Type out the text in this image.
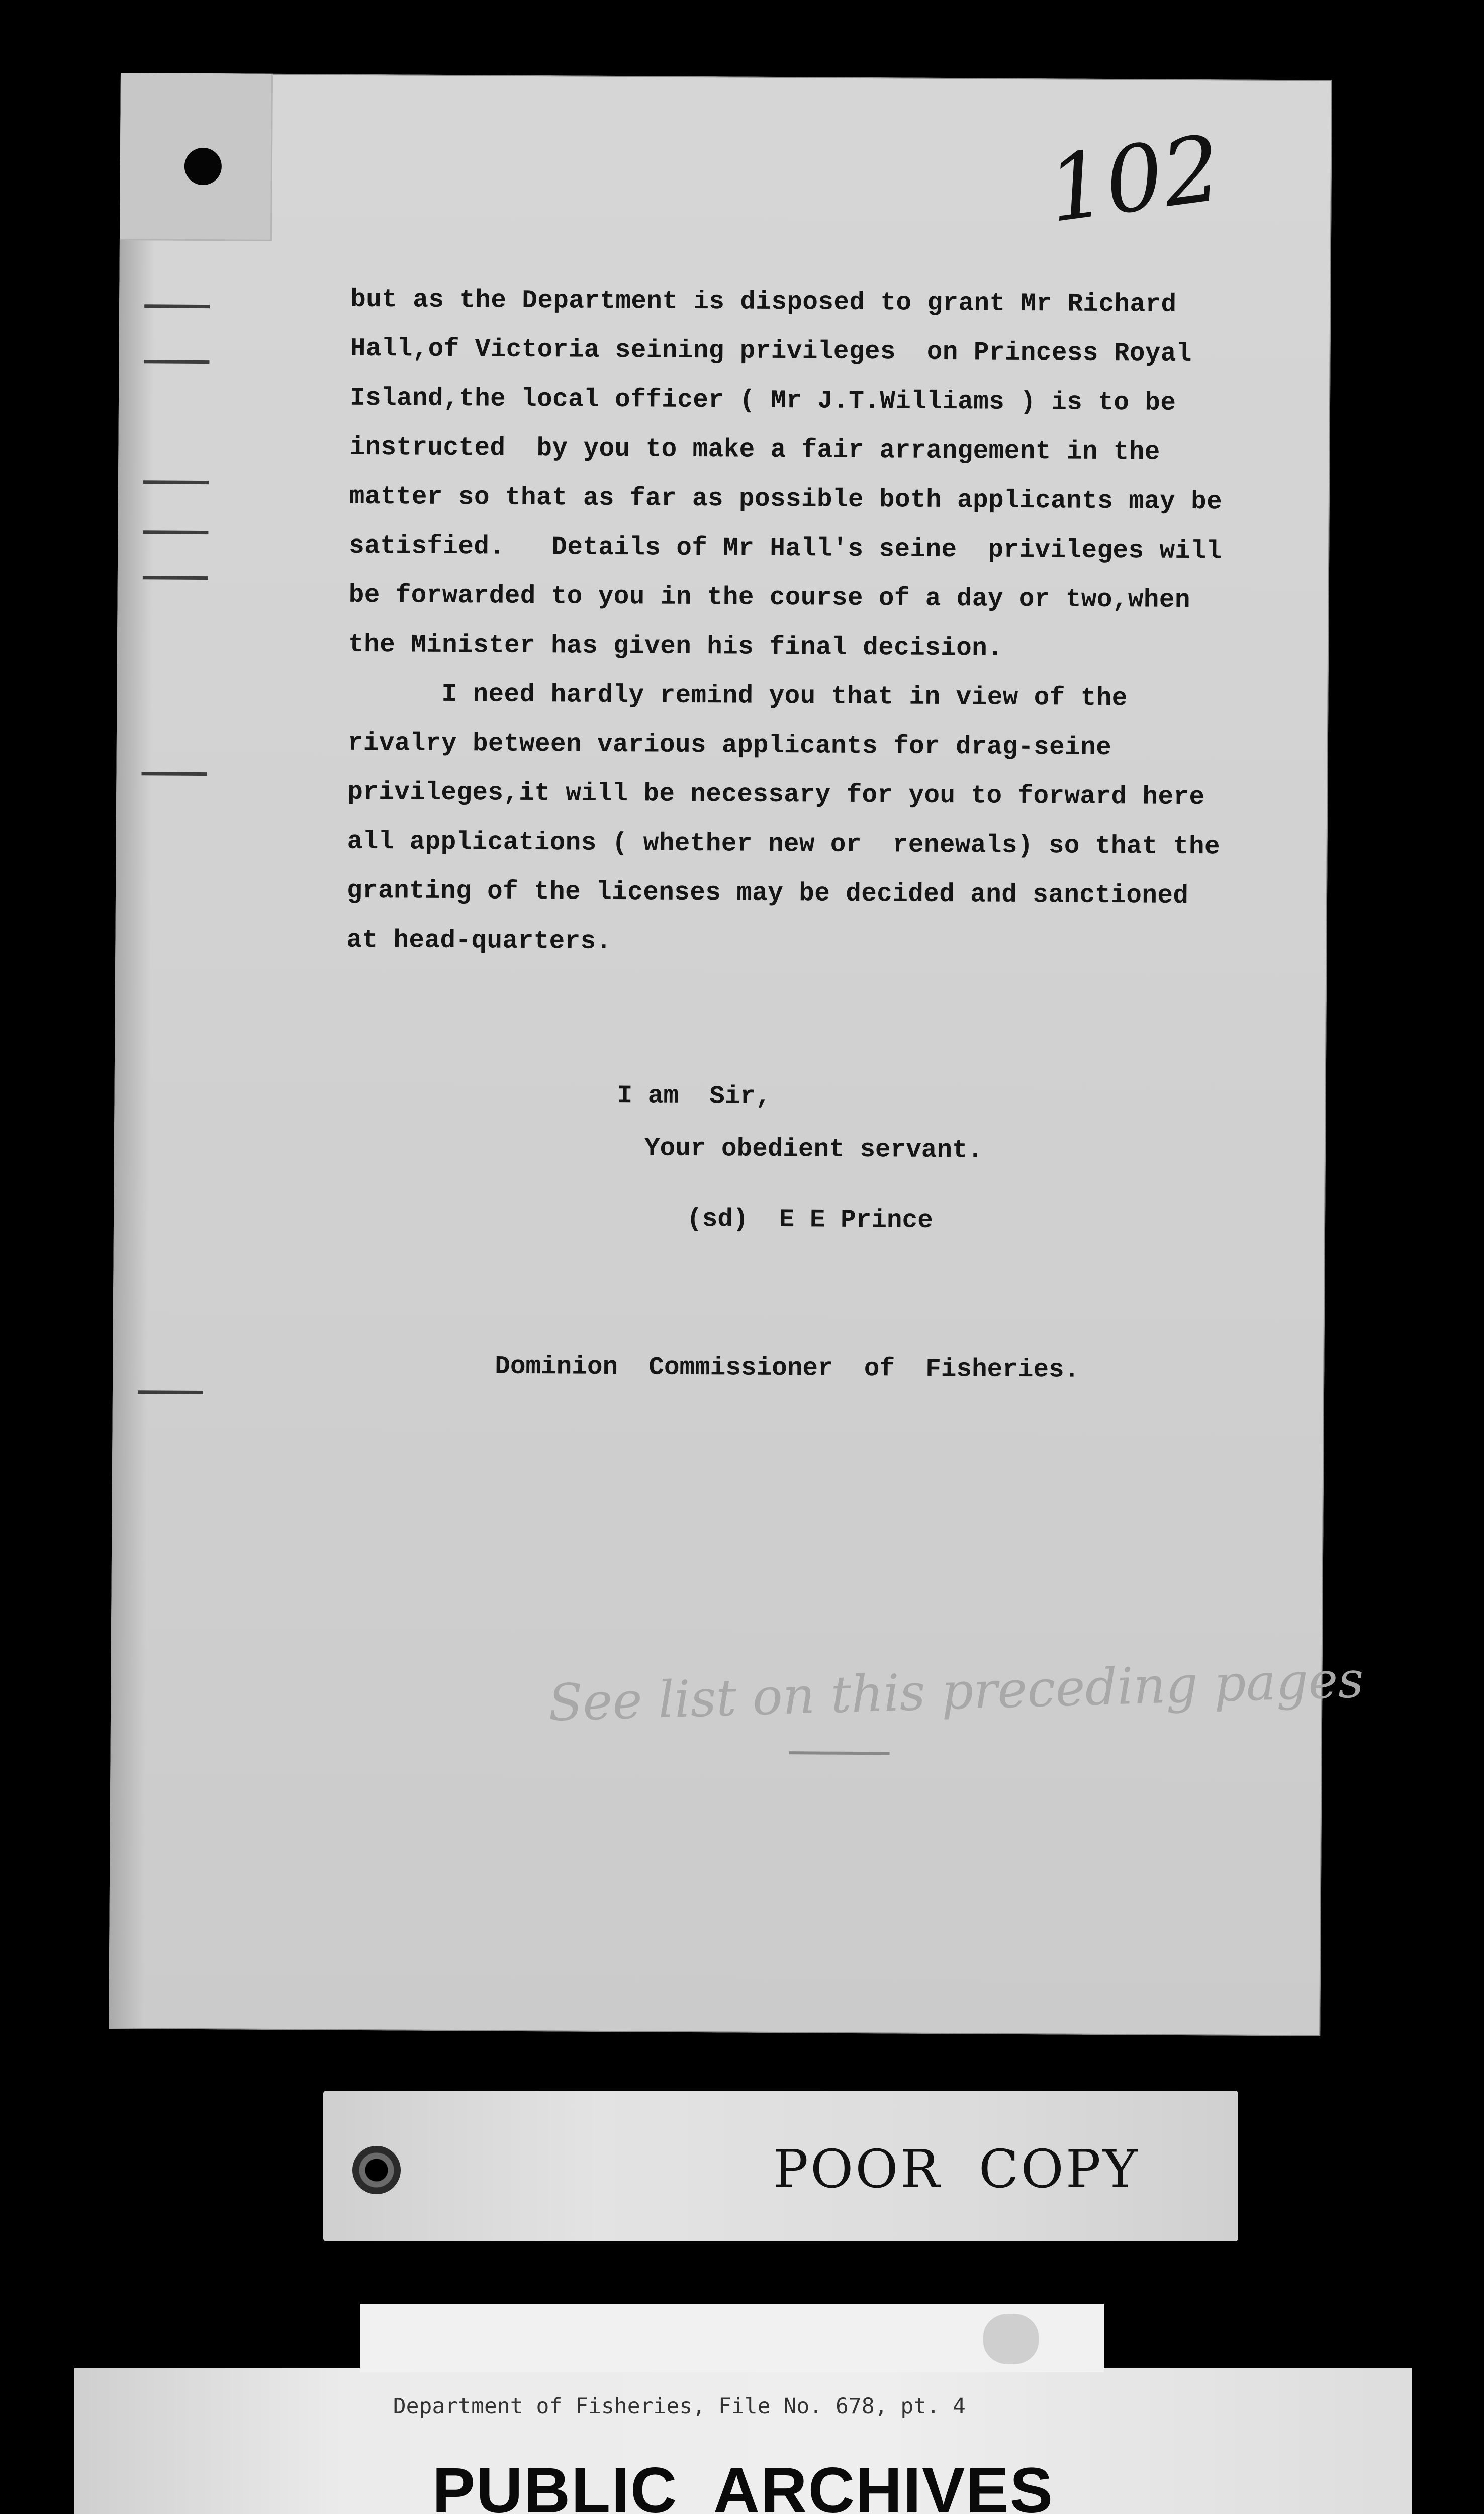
102

but as the Department is disposed to grant Mr Richard

Hall,of Victoria seining privileges  on Princess Royal

Island,the local officer ( Mr J.T.Williams ) is to be

instructed  by you to make a fair arrangement in the

matter so that as far as possible both applicants may be

satisfied.   Details of Mr Hall's seine  privileges will

be forwarded to you in the course of a day or two,when

the Minister has given his final decision.

I need hardly remind you that in view of the

rivalry between various applicants for drag-seine

privileges,it will be necessary for you to forward here

all applications ( whether new or  renewals) so that the

granting of the licenses may be decided and sanctioned

at head-quarters.

I am  Sir,
Your obedient servant.
(sd)  E E Prince
Dominion  Commissioner  of  Fisheries.
See list on this preceding pages
POOR  COPY
PUBLIC  ARCHIVES

Department of Fisheries, File No. 678, pt. 4
